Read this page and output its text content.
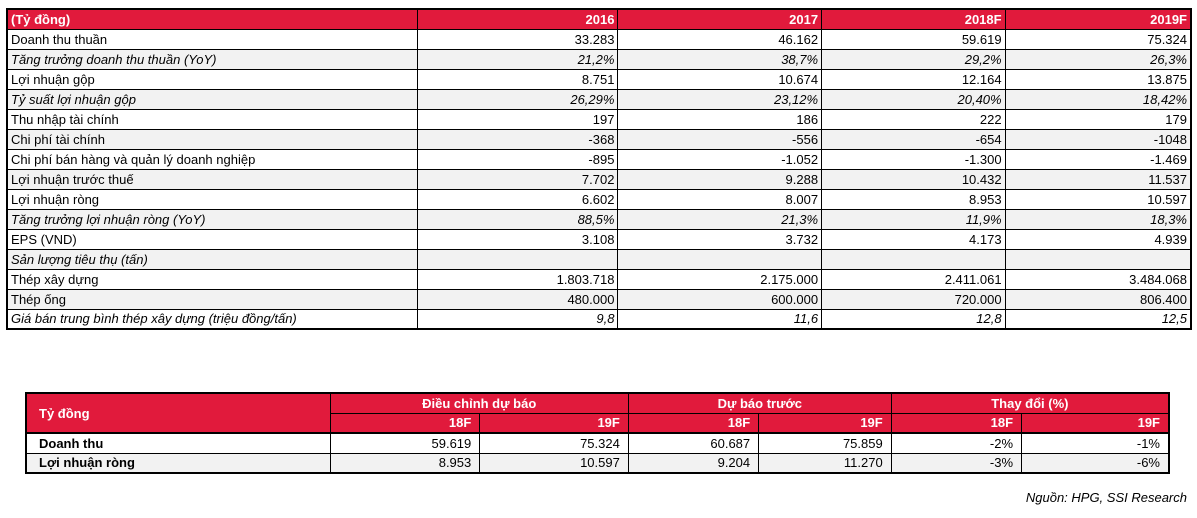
(Tỷ đồng)	2016	2017	2018F	2019F
Doanh thu thuần	33.283	46.162	59.619	75.324
Tăng trưởng doanh thu thuần (YoY)	21,2%	38,7%	29,2%	26,3%
Lợi nhuận gộp	8.751	10.674	12.164	13.875
Tỷ suất lợi nhuận gộp	26,29%	23,12%	20,40%	18,42%
Thu nhập tài chính	197	186	222	179
Chi phí tài chính	-368	-556	-654	-1048
Chi phí bán hàng và quản lý doanh nghiệp	-895	-1.052	-1.300	-1.469
Lợi nhuận trước thuế	7.702	9.288	10.432	11.537
Lợi nhuận ròng	6.602	8.007	8.953	10.597
Tăng trưởng lợi nhuận ròng (YoY)	88,5%	21,3%	11,9%	18,3%
EPS (VND)	3.108	3.732	4.173	4.939
Sản lượng tiêu thụ (tấn)				
Thép xây dựng	1.803.718	2.175.000	2.411.061	3.484.068
Thép ống	480.000	600.000	720.000	806.400
Giá bán trung bình thép xây dựng (triệu đồng/tấn)	9,8	11,6	12,8	12,5
Tỷ đồng	Điều chỉnh dự báo		Dự báo trước		Thay đổi (%)	
	18F	19F	18F	19F	18F	19F
Doanh thu	59.619	75.324	60.687	75.859	-2%	-1%
Lợi nhuận ròng	8.953	10.597	9.204	11.270	-3%	-6%
Nguồn: HPG, SSI Research
